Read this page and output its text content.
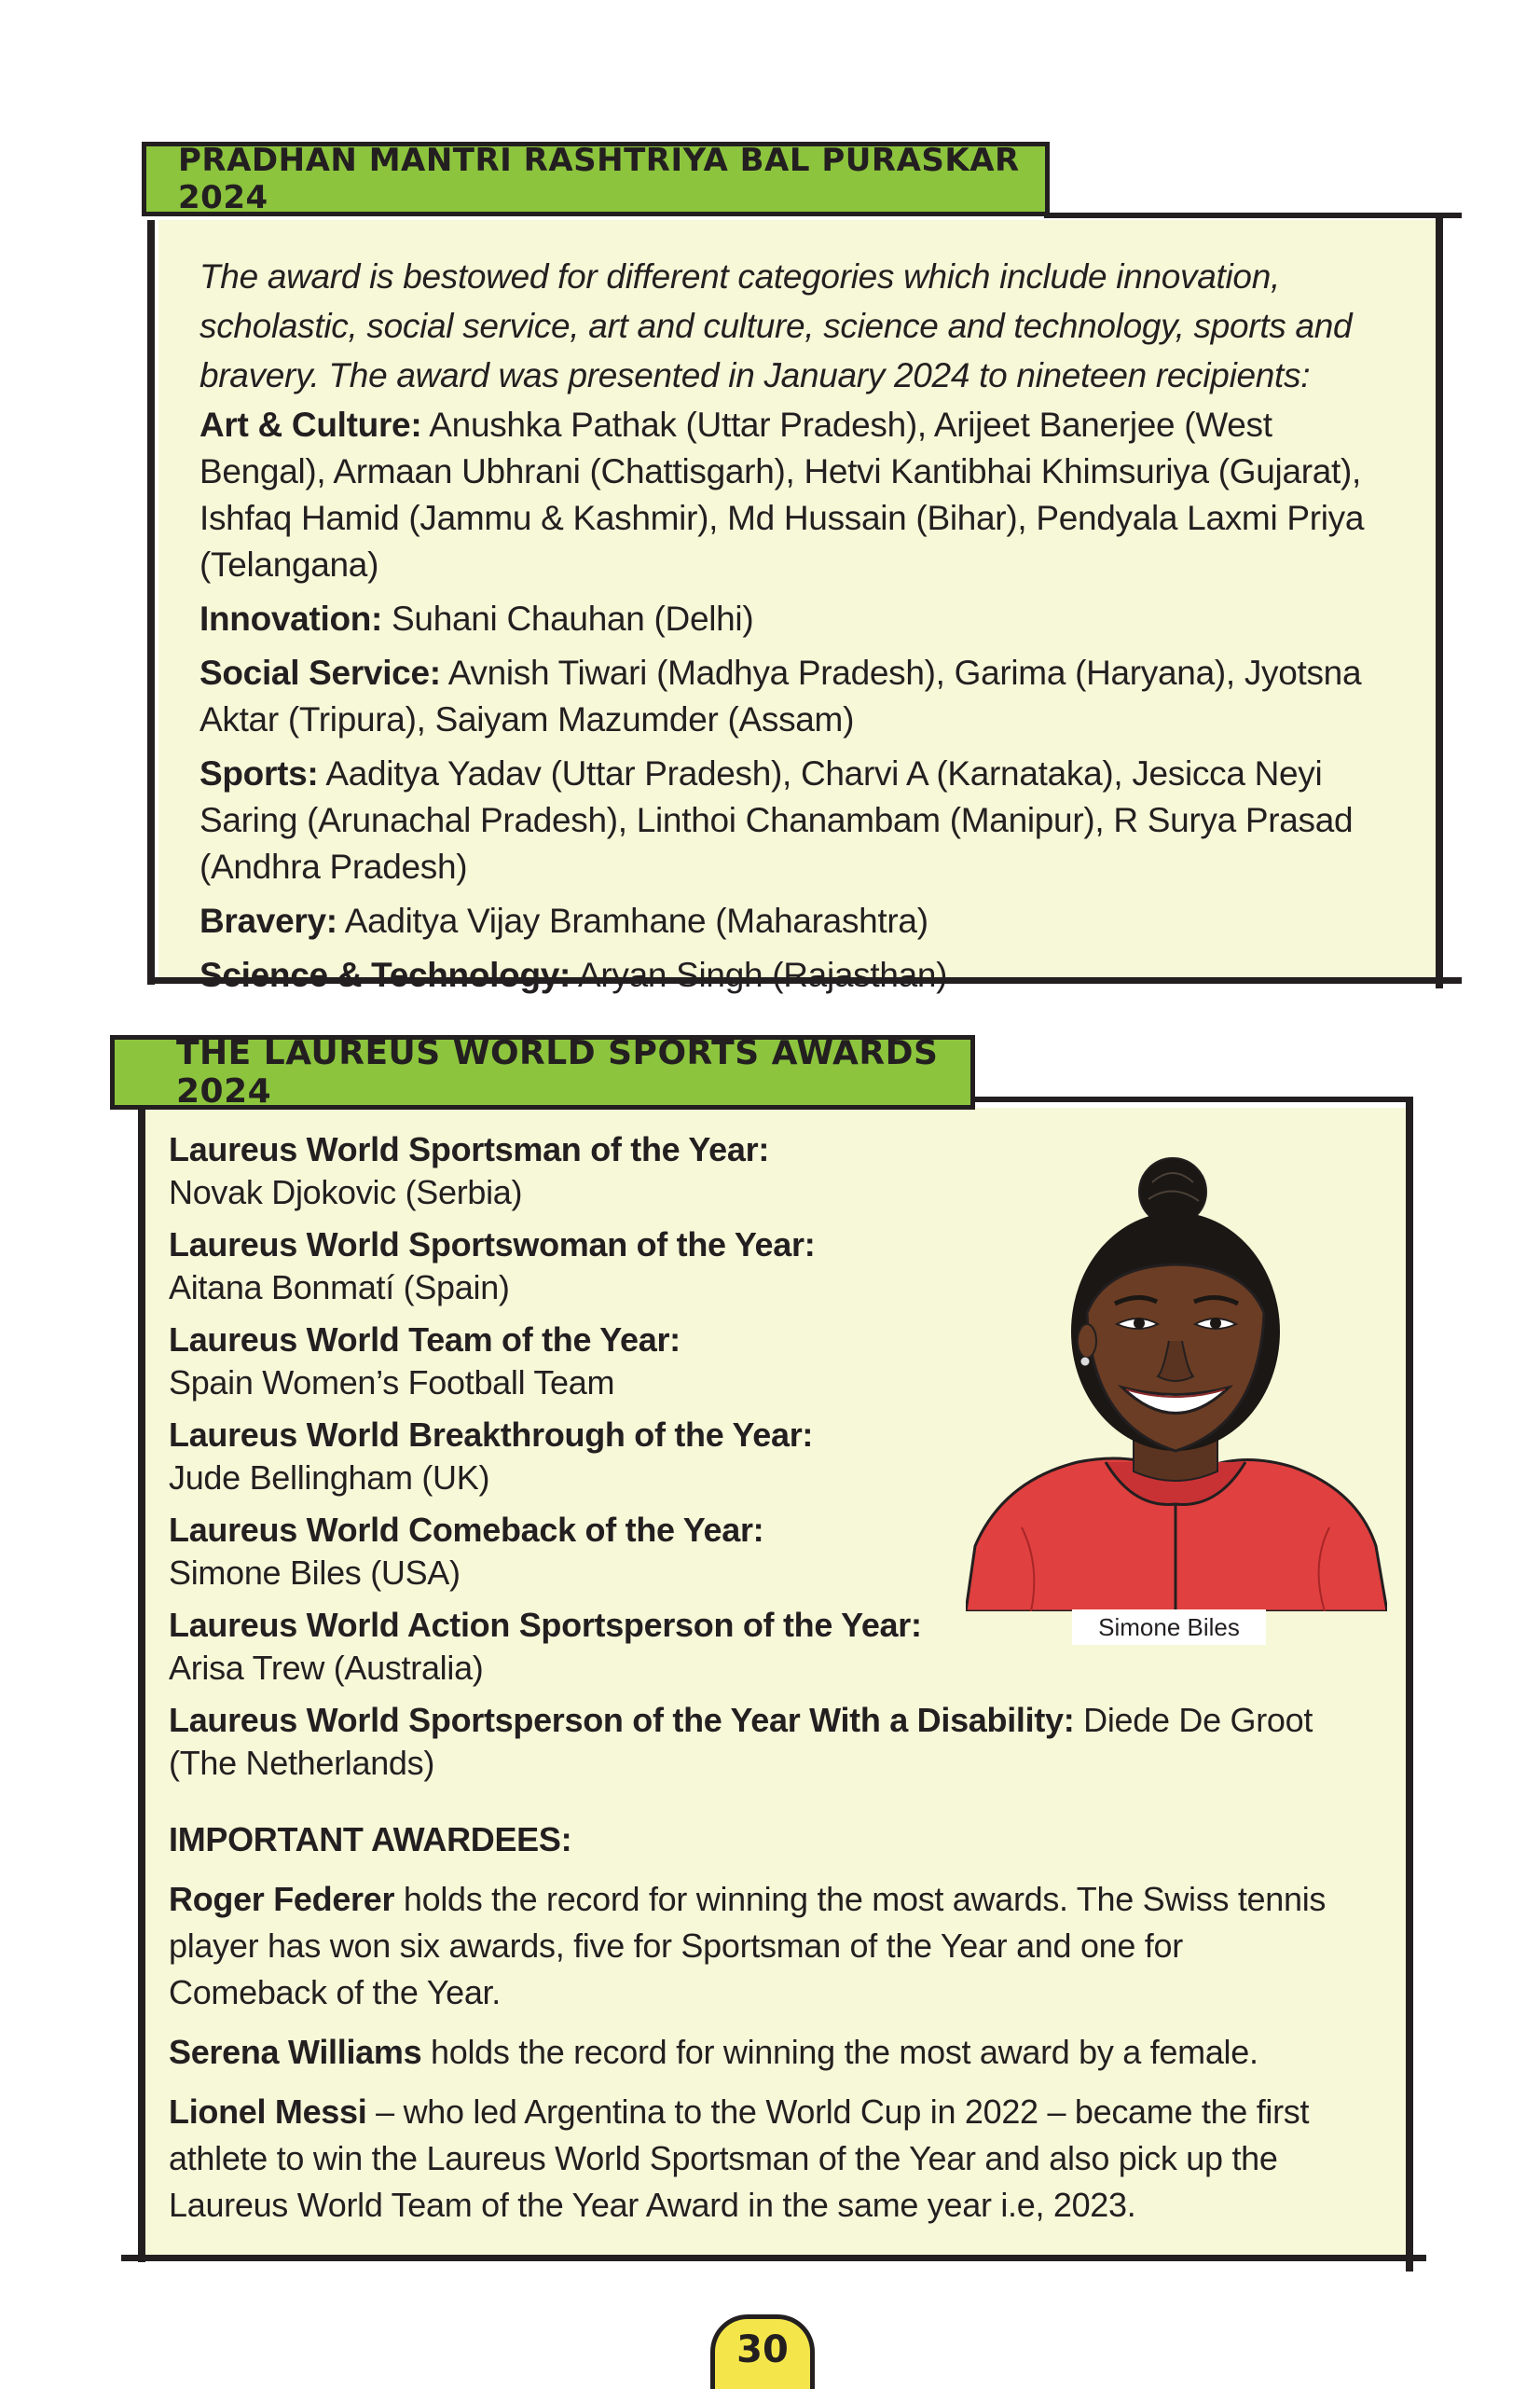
PRADHAN MANTRI RASHTRIYA BAL PURASKAR 2024

The award is bestowed for different categories which include innovation, scholastic, social service, art and culture, science and technology, sports and bravery. The award was presented in January 2024 to nineteen recipients:

Art & Culture: Anushka Pathak (Uttar Pradesh), Arijeet Banerjee (West Bengal), Armaan Ubhrani (Chattisgarh), Hetvi Kantibhai Khimsuriya (Gujarat), Ishfaq Hamid (Jammu & Kashmir), Md Hussain (Bihar), Pendyala Laxmi Priya (Telangana)

Innovation: Suhani Chauhan (Delhi)

Social Service: Avnish Tiwari (Madhya Pradesh), Garima (Haryana), Jyotsna Aktar (Tripura), Saiyam Mazumder (Assam)

Sports: Aaditya Yadav (Uttar Pradesh), Charvi A (Karnataka), Jesicca Neyi Saring (Arunachal Pradesh), Linthoi Chanambam (Manipur), R Surya Prasad (Andhra Pradesh)

Bravery: Aaditya Vijay Bramhane (Maharashtra)

Science & Technology: Aryan Singh (Rajasthan)

THE LAUREUS WORLD SPORTS AWARDS 2024
Laureus World Sportsman of the Year:
Novak Djokovic (Serbia)
Laureus World Sportswoman of the Year:
Aitana Bonmatí (Spain)
Laureus World Team of the Year:
Spain Women’s Football Team
Laureus World Breakthrough of the Year:
Jude Bellingham (UK)
Laureus World Comeback of the Year:
Simone Biles (USA)
Laureus World Action Sportsperson of the Year:
Arisa Trew (Australia)
Laureus World Sportsperson of the Year With a Disability: Diede De Groot (The Netherlands)

IMPORTANT AWARDEES:

Roger Federer holds the record for winning the most awards. The Swiss tennis player has won six awards, five for Sportsman of the Year and one for Comeback of the Year.

Serena Williams holds the record for winning the most award by a female.

Lionel Messi – who led Argentina to the World Cup in 2022 – became the first athlete to win the Laureus World Sportsman of the Year and also pick up the Laureus World Team of the Year Award in the same year i.e, 2023.

Simone Biles
30
